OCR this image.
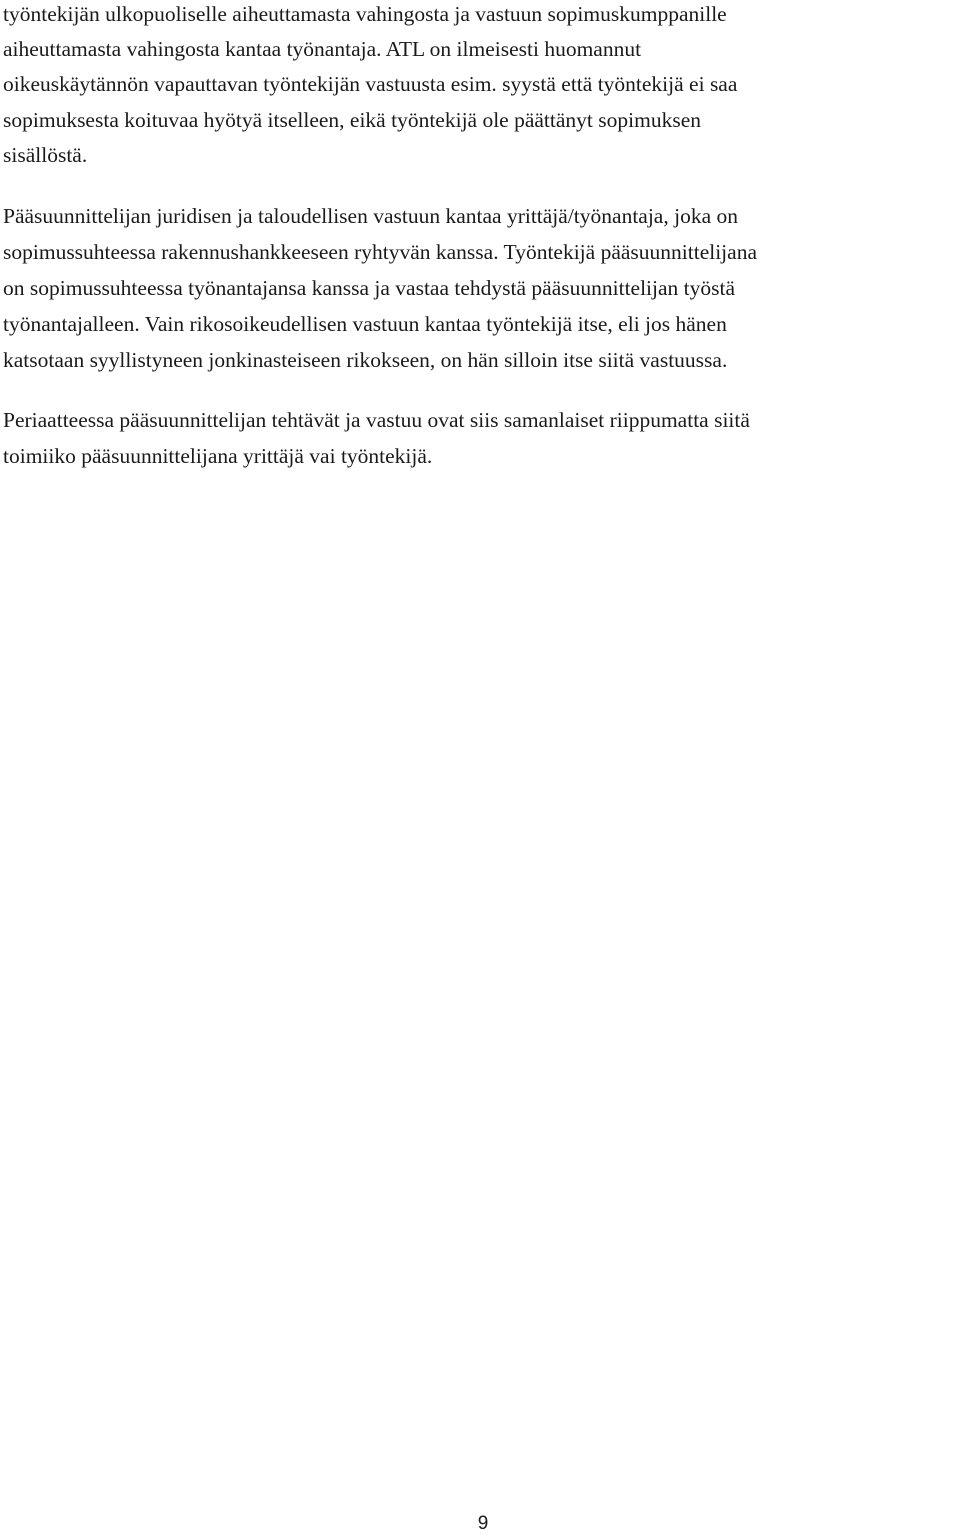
työntekijän ulkopuoliselle aiheuttamasta vahingosta ja vastuun sopimuskumppanille

aiheuttamasta vahingosta kantaa työnantaja. ATL on ilmeisesti huomannut

oikeuskäytännön vapauttavan työntekijän vastuusta esim. syystä että työntekijä ei saa

sopimuksesta koituvaa hyötyä itselleen, eikä työntekijä ole päättänyt sopimuksen

sisällöstä.

Pääsuunnittelijan juridisen ja taloudellisen vastuun kantaa yrittäjä/työnantaja, joka on

sopimussuhteessa rakennushankkeeseen ryhtyvän kanssa. Työntekijä pääsuunnittelijana

on sopimussuhteessa työnantajansa kanssa ja vastaa tehdystä pääsuunnittelijan työstä

työnantajalleen. Vain rikosoikeudellisen vastuun kantaa työntekijä itse, eli jos hänen

katsotaan syyllistyneen jonkinasteiseen rikokseen, on hän silloin itse siitä vastuussa.

Periaatteessa pääsuunnittelijan tehtävät ja vastuu ovat siis samanlaiset riippumatta siitä

toimiiko pääsuunnittelijana yrittäjä vai työntekijä.

9
